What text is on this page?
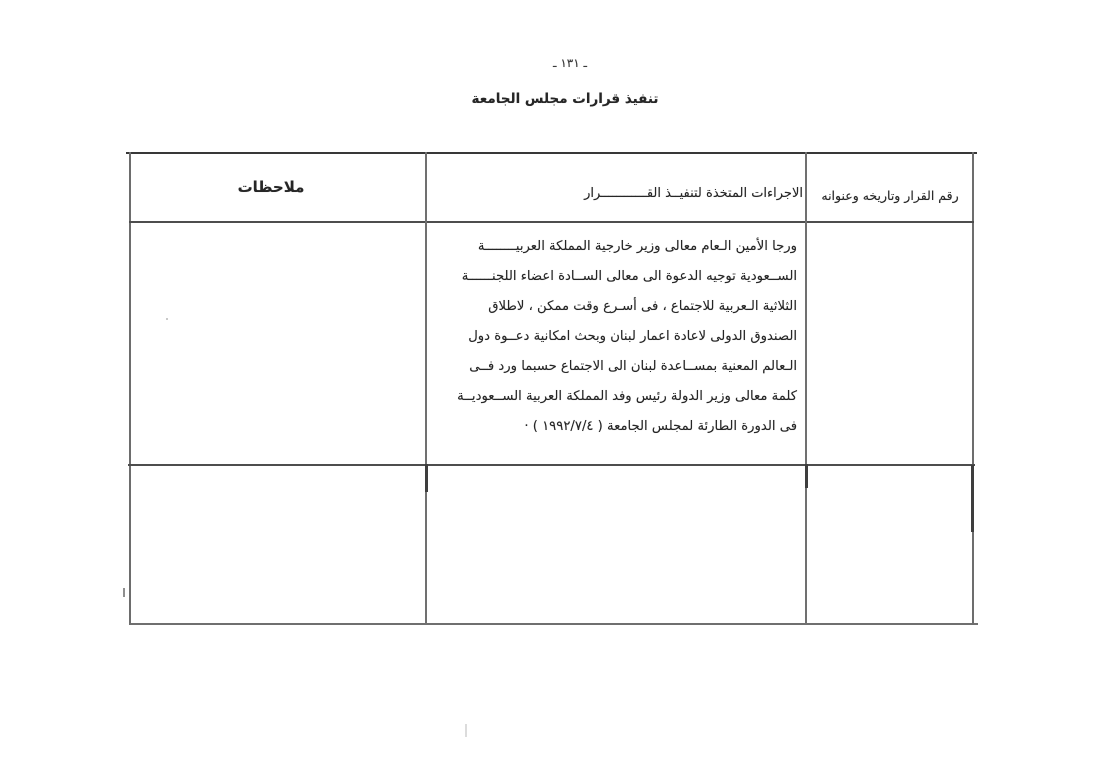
ـ ١٣١ ـ
تنفيذ قرارات مجلس الجامعة
رقم القرار وتاريخه وعنوانه
الاجراءات المتخذة لتنفيــذ القــــــــــــرار
ملاحظات
ورجا الأمين الـعام معالى وزير خارجية المملكة العربيــــــــة
الســعودية توجيه الدعوة الى معالى الســادة اعضاء اللجنــــــة
الثلاثية الـعربية للاجتماع ، فى أسـرع وقت ممكن ، لاطلاق
الصندوق الدولى لاعادة اعمار لبنان وبحث امكانية دعــوة دول
الـعالم المعنية بمســاعدة لبنان الى الاجتماع حسبما ورد فــى
كلمة معالى وزير الدولة رئيس وفد المملكة العربية الســعوديــة
فى الدورة الطارئة لمجلس الجامعة ( ١٩٩٢/٧/٤ ) ·
